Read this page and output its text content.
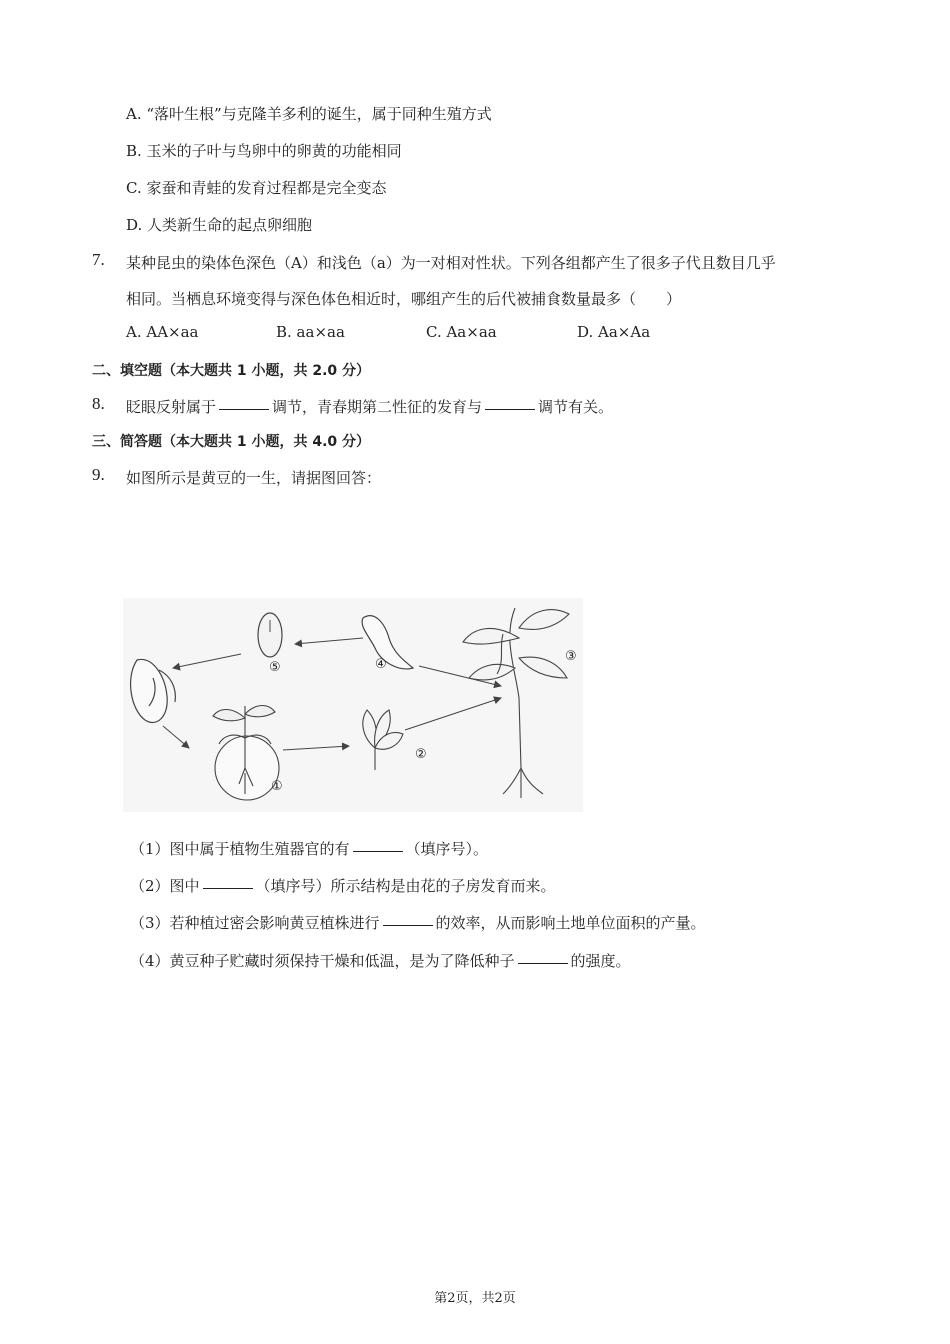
A. “落叶生根”与克隆羊多利的诞生，属于同种生殖方式
B. 玉米的子叶与鸟卵中的卵黄的功能相同
C. 家蚕和青蛙的发育过程都是完全变态
D. 人类新生命的起点卵细胞
7. 某种昆虫的染体色深色（A）和浅色（a）为一对相对性状。下列各组都产生了很多子代且数目几乎
相同。当栖息环境变得与深色体色相近时，哪组产生的后代被捕食数量最多（　　）
A. AA×aa	B. aa×aa	C. Aa×aa	D. Aa×Aa
二、填空题（本大题共 1 小题，共 2.0 分）
8. 眨眼反射属于	调节，青春期第二性征的发育与	调节有关。
三、简答题（本大题共 1 小题，共 4.0 分）
9. 如图所示是黄豆的一生，请据图回答：
⑤	④
③
②
①
（1）图中属于植物生殖器官的有	（填序号）。
（2）图中	（填序号）所示结构是由花的子房发育而来。
（3）若种植过密会影响黄豆植株进行	的效率，从而影响土地单位面积的产量。
（4）黄豆种子贮藏时须保持干燥和低温，是为了降低种子	的强度。
第2页，共2页
